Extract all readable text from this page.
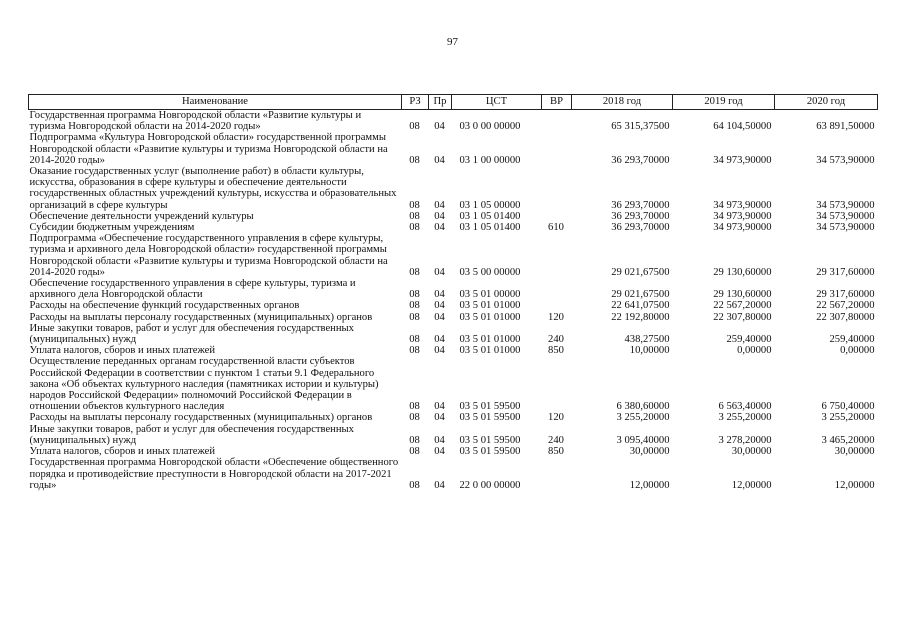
97
Наименование	РЗ	Пр	ЦСТ	ВР	2018 год	2019 год	2020 год
Государственная программа Новгородской области «Развитие культуры и туризма Новгородской области на 2014-2020 годы»	08	04	03 0 00 00000		65 315,37500	64 104,50000	63 891,50000
Подпрограмма «Культура Новгородской области» государственной программы Новгородской области «Развитие культуры и туризма Новгородской области на 2014-2020 годы»	08	04	03 1 00 00000		36 293,70000	34 973,90000	34 573,90000
Оказание государственных услуг (выполнение работ) в области культуры, искусства, образования в сфере культуры и обеспечение деятельности государственных областных учреждений культуры, искусства и образовательных организаций в сфере культуры	08	04	03 1 05 00000		36 293,70000	34 973,90000	34 573,90000
Обеспечение деятельности учреждений культуры	08	04	03 1 05 01400		36 293,70000	34 973,90000	34 573,90000
Субсидии бюджетным учреждениям	08	04	03 1 05 01400	610	36 293,70000	34 973,90000	34 573,90000
Подпрограмма «Обеспечение государственного управления в сфере культуры, туризма и архивного дела Новгородской области» государственной программы Новгородской области «Развитие культуры и туризма Новгородской области на 2014-2020 годы»	08	04	03 5 00 00000		29 021,67500	29 130,60000	29 317,60000
Обеспечение государственного управления в сфере культуры, туризма и архивного дела Новгородской области	08	04	03 5 01 00000		29 021,67500	29 130,60000	29 317,60000
Расходы на обеспечение функций государственных органов	08	04	03 5 01 01000		22 641,07500	22 567,20000	22 567,20000
Расходы на выплаты персоналу государственных (муниципальных) органов	08	04	03 5 01 01000	120	22 192,80000	22 307,80000	22 307,80000
Иные закупки товаров, работ и услуг для обеспечения государственных (муниципальных) нужд	08	04	03 5 01 01000	240	438,27500	259,40000	259,40000
Уплата налогов, сборов и иных платежей	08	04	03 5 01 01000	850	10,00000	0,00000	0,00000
Осуществление переданных органам государственной власти субъектов Российской Федерации в соответствии с пунктом 1 статьи 9.1 Федерального закона «Об объектах культурного наследия (памятниках истории и культуры) народов Российской Федерации» полномочий Российской Федерации в отношении объектов культурного наследия	08	04	03 5 01 59500		6 380,60000	6 563,40000	6 750,40000
Расходы на выплаты персоналу государственных (муниципальных) органов	08	04	03 5 01 59500	120	3 255,20000	3 255,20000	3 255,20000
Иные закупки товаров, работ и услуг для обеспечения государственных (муниципальных) нужд	08	04	03 5 01 59500	240	3 095,40000	3 278,20000	3 465,20000
Уплата налогов, сборов и иных платежей	08	04	03 5 01 59500	850	30,00000	30,00000	30,00000
Государственная программа Новгородской области «Обеспечение общественного порядка и противодействие преступности в Новгородской области на 2017-2021 годы»	08	04	22 0 00 00000		12,00000	12,00000	12,00000
